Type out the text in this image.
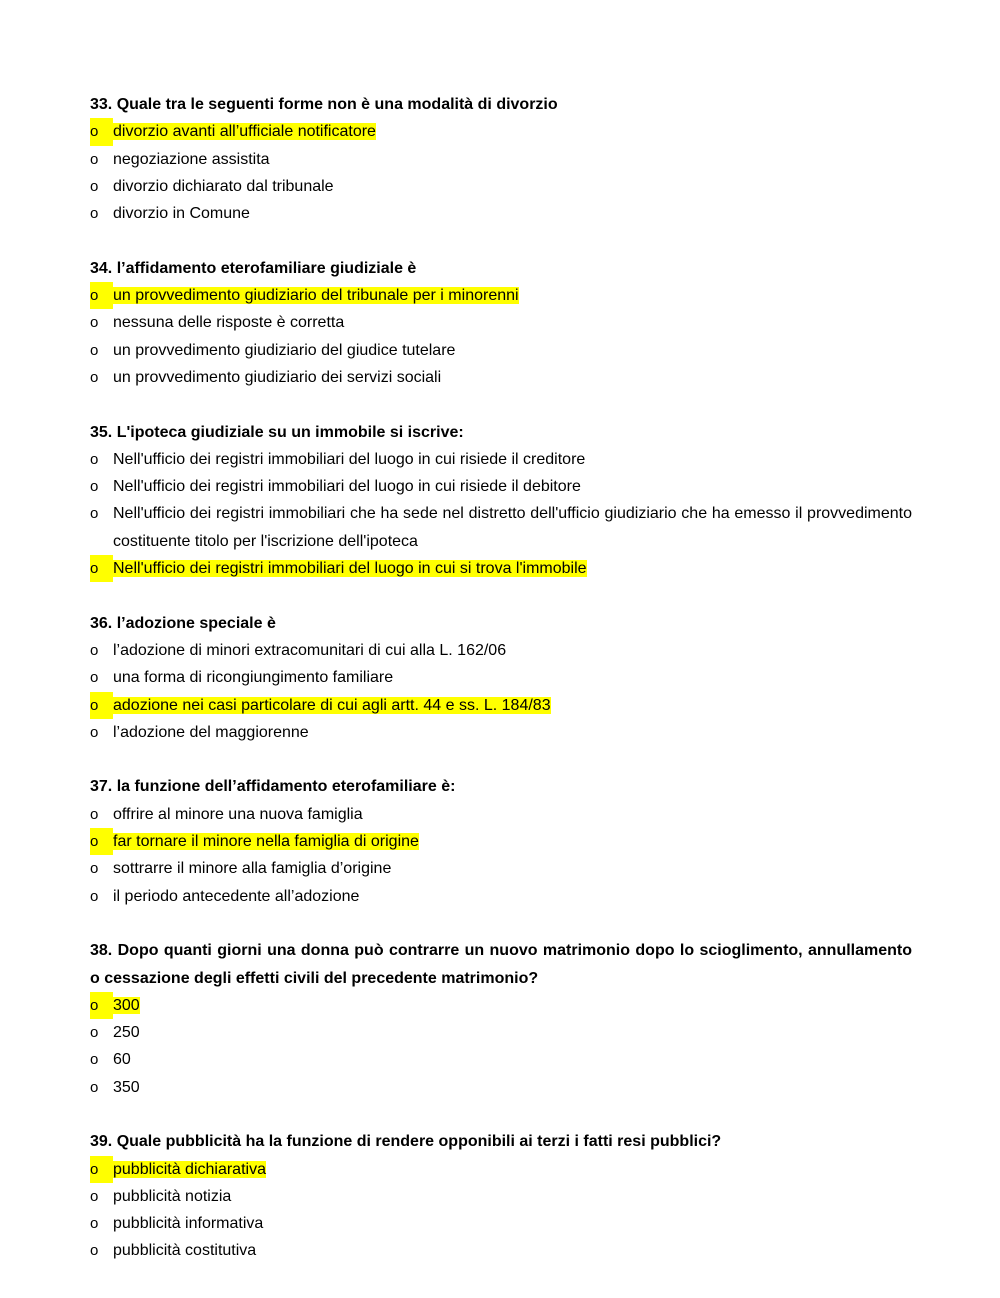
33. Quale tra le seguenti forme non è una modalità di divorzio

o divorzio avanti all’ufficiale notificatore
o negoziazione assistita
o divorzio dichiarato dal tribunale
o divorzio in Comune

34. l’affidamento eterofamiliare giudiziale è

o un provvedimento giudiziario del tribunale per i minorenni
o nessuna delle risposte è corretta
o un provvedimento giudiziario del giudice tutelare
o un provvedimento giudiziario dei servizi sociali

35. L'ipoteca giudiziale su un immobile si iscrive:

o Nell'ufficio dei registri immobiliari del luogo in cui risiede il creditore
o Nell'ufficio dei registri immobiliari del luogo in cui risiede il debitore
o Nell'ufficio dei registri immobiliari che ha sede nel distretto dell'ufficio giudiziario che ha emesso il provvedimento costituente titolo per l'iscrizione dell'ipoteca
o Nell'ufficio dei registri immobiliari del luogo in cui si trova l'immobile

36. l’adozione speciale è

o l’adozione di minori extracomunitari di cui alla L. 162/06
o una forma di ricongiungimento familiare
o adozione nei casi particolare di cui agli artt. 44 e ss. L. 184/83
o l’adozione del maggiorenne

37. la funzione dell’affidamento eterofamiliare è:

o offrire al minore una nuova famiglia
o far tornare il minore nella famiglia di origine
o sottrarre il minore alla famiglia d’origine
o il periodo antecedente all’adozione

38. Dopo quanti giorni una donna può contrarre un nuovo matrimonio dopo lo scioglimento, annullamento o cessazione degli effetti civili del precedente matrimonio?

o 300
o 250
o 60
o 350

39. Quale pubblicità ha la funzione di rendere opponibili ai terzi i fatti resi pubblici?

o pubblicità dichiarativa
o pubblicità notizia
o pubblicità informativa
o pubblicità costitutiva
